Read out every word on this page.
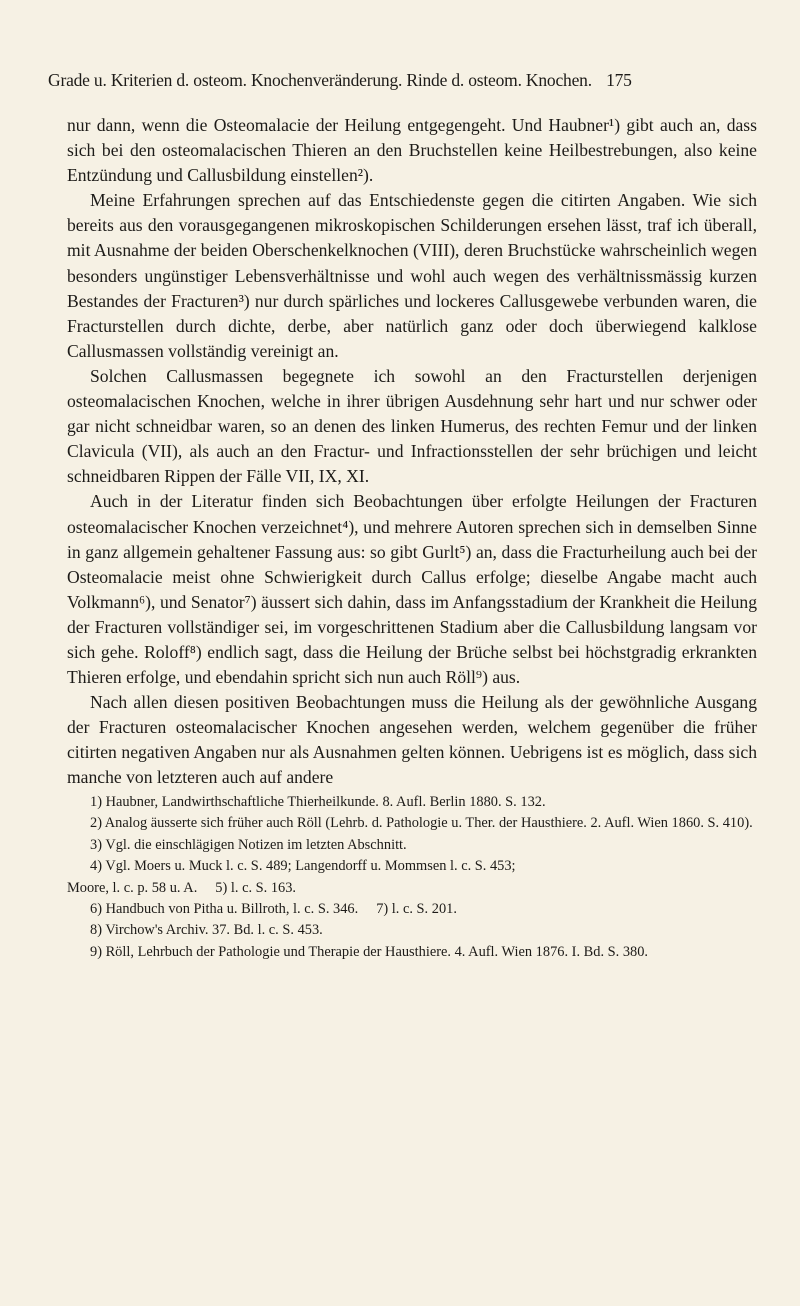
Grade u. Kriterien d. osteom. Knochenveränderung. Rinde d. osteom. Knochen. 175

nur dann, wenn die Osteomalacie der Heilung entgegengeht. Und Haubner¹) gibt auch an, dass sich bei den osteomalacischen Thieren an den Bruchstellen keine Heilbestrebungen, also keine Entzündung und Callusbildung einstellen²).

Meine Erfahrungen sprechen auf das Entschiedenste gegen die citirten Angaben. Wie sich bereits aus den vorausgegangenen mikroskopischen Schilderungen ersehen lässt, traf ich überall, mit Ausnahme der beiden Oberschenkelknochen (VIII), deren Bruchstücke wahrscheinlich wegen besonders ungünstiger Lebensverhältnisse und wohl auch wegen des verhältnissmässig kurzen Bestandes der Fracturen³) nur durch spärliches und lockeres Callusgewebe verbunden waren, die Fracturstellen durch dichte, derbe, aber natürlich ganz oder doch überwiegend kalklose Callusmassen vollständig vereinigt an.

Solchen Callusmassen begegnete ich sowohl an den Fracturstellen derjenigen osteomalacischen Knochen, welche in ihrer übrigen Ausdehnung sehr hart und nur schwer oder gar nicht schneidbar waren, so an denen des linken Humerus, des rechten Femur und der linken Clavicula (VII), als auch an den Fractur- und Infractionsstellen der sehr brüchigen und leicht schneidbaren Rippen der Fälle VII, IX, XI.

Auch in der Literatur finden sich Beobachtungen über erfolgte Heilungen der Fracturen osteomalacischer Knochen verzeichnet⁴), und mehrere Autoren sprechen sich in demselben Sinne in ganz allgemein gehaltener Fassung aus: so gibt Gurlt⁵) an, dass die Fracturheilung auch bei der Osteomalacie meist ohne Schwierigkeit durch Callus erfolge; dieselbe Angabe macht auch Volkmann⁶), und Senator⁷) äussert sich dahin, dass im Anfangsstadium der Krankheit die Heilung der Fracturen vollständiger sei, im vorgeschrittenen Stadium aber die Callusbildung langsam vor sich gehe. Roloff⁸) endlich sagt, dass die Heilung der Brüche selbst bei höchstgradig erkrankten Thieren erfolge, und ebendahin spricht sich nun auch Röll⁹) aus.

Nach allen diesen positiven Beobachtungen muss die Heilung als der gewöhnliche Ausgang der Fracturen osteomalacischer Knochen angesehen werden, welchem gegenüber die früher citirten negativen Angaben nur als Ausnahmen gelten können. Uebrigens ist es möglich, dass sich manche von letzteren auch auf andere

1) Haubner, Landwirthschaftliche Thierheilkunde. 8. Aufl. Berlin 1880. S. 132.

2) Analog äusserte sich früher auch Röll (Lehrb. d. Pathologie u. Ther. der Hausthiere. 2. Aufl. Wien 1860. S. 410).

3) Vgl. die einschlägigen Notizen im letzten Abschnitt.

4) Vgl. Moers u. Muck l. c. S. 489; Langendorff u. Mommsen l. c. S. 453;

Moore, l. c. p. 58 u. A.     5) l. c. S. 163.

6) Handbuch von Pitha u. Billroth, l. c. S. 346.     7) l. c. S. 201.

8) Virchow's Archiv. 37. Bd. l. c. S. 453.

9) Röll, Lehrbuch der Pathologie und Therapie der Hausthiere. 4. Aufl. Wien 1876. I. Bd. S. 380.
